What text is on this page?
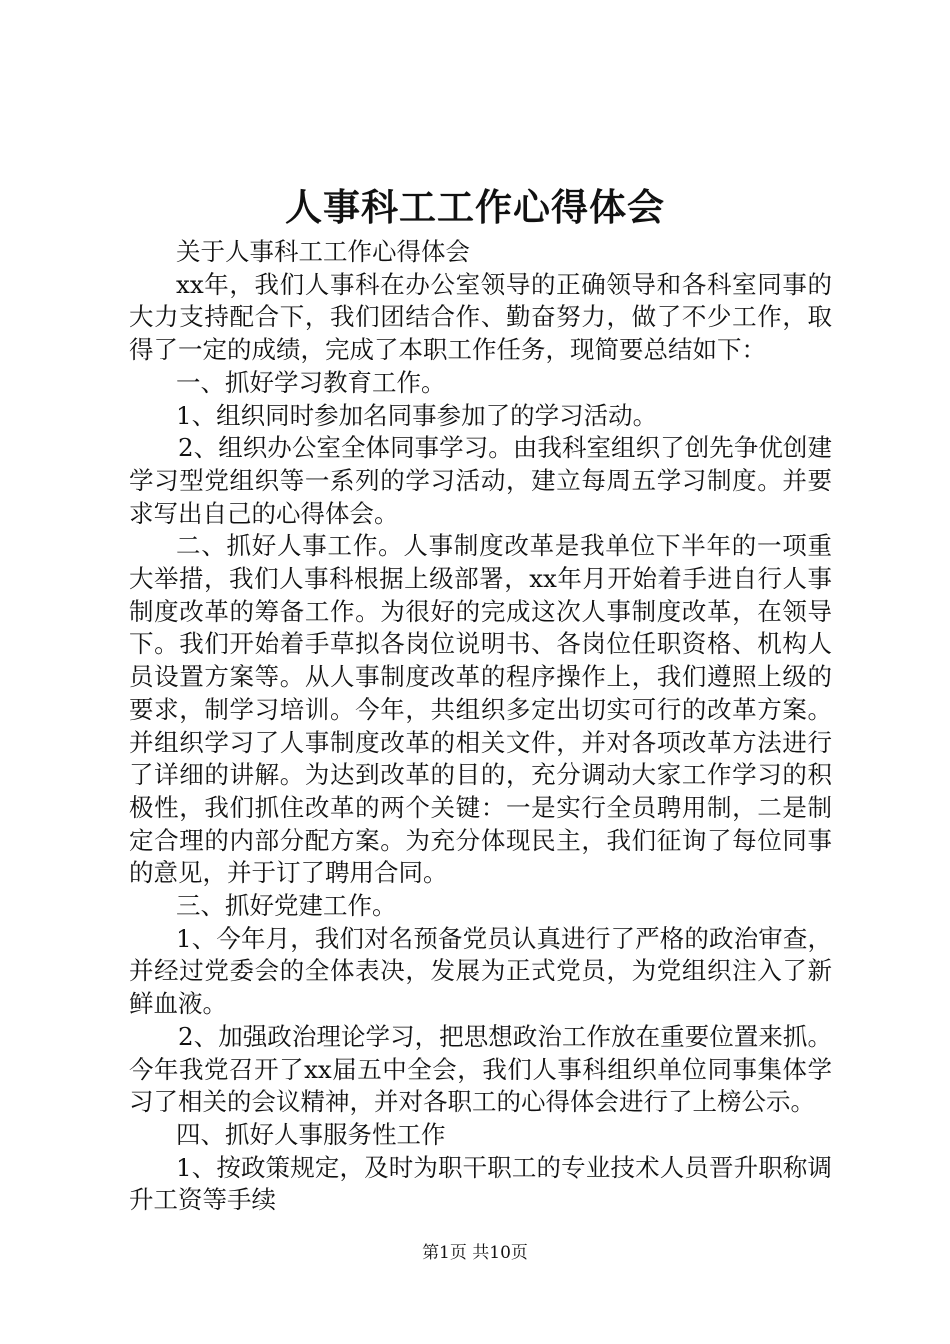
人事科工工作心得体会

关于人事科工工作心得体会

xx年，我们人事科在办公室领导的正确领导和各科室同事的大力支持配合下，我们团结合作、勤奋努力，做了不少工作，取得了一定的成绩，完成了本职工作任务，现简要总结如下：

一、抓好学习教育工作。

1、组织同时参加名同事参加了的学习活动。

2、组织办公室全体同事学习。由我科室组织了创先争优创建学习型党组织等一系列的学习活动，建立每周五学习制度。并要求写出自己的心得体会。

二、抓好人事工作。人事制度改革是我单位下半年的一项重大举措，我们人事科根据上级部署，xx年月开始着手进自行人事制度改革的筹备工作。为很好的完成这次人事制度改革，在领导下。我们开始着手草拟各岗位说明书、各岗位任职资格、机构人员设置方案等。从人事制度改革的程序操作上，我们遵照上级的要求，制学习培训。今年，共组织多定出切实可行的改革方案。并组织学习了人事制度改革的相关文件，并对各项改革方法进行了详细的讲解。为达到改革的目的，充分调动大家工作学习的积极性，我们抓住改革的两个关键：一是实行全员聘用制，二是制定合理的内部分配方案。为充分体现民主，我们征询了每位同事的意见，并于订了聘用合同。

三、抓好党建工作。

1、今年月，我们对名预备党员认真进行了严格的政治审查，并经过党委会的全体表决，发展为正式党员，为党组织注入了新鲜血液。

2、加强政治理论学习，把思想政治工作放在重要位置来抓。今年我党召开了xx届五中全会，我们人事科组织单位同事集体学习了相关的会议精神，并对各职工的心得体会进行了上榜公示。

四、抓好人事服务性工作

1、按政策规定，及时为职干职工的专业技术人员晋升职称调升工资等手续

第1页 共10页
